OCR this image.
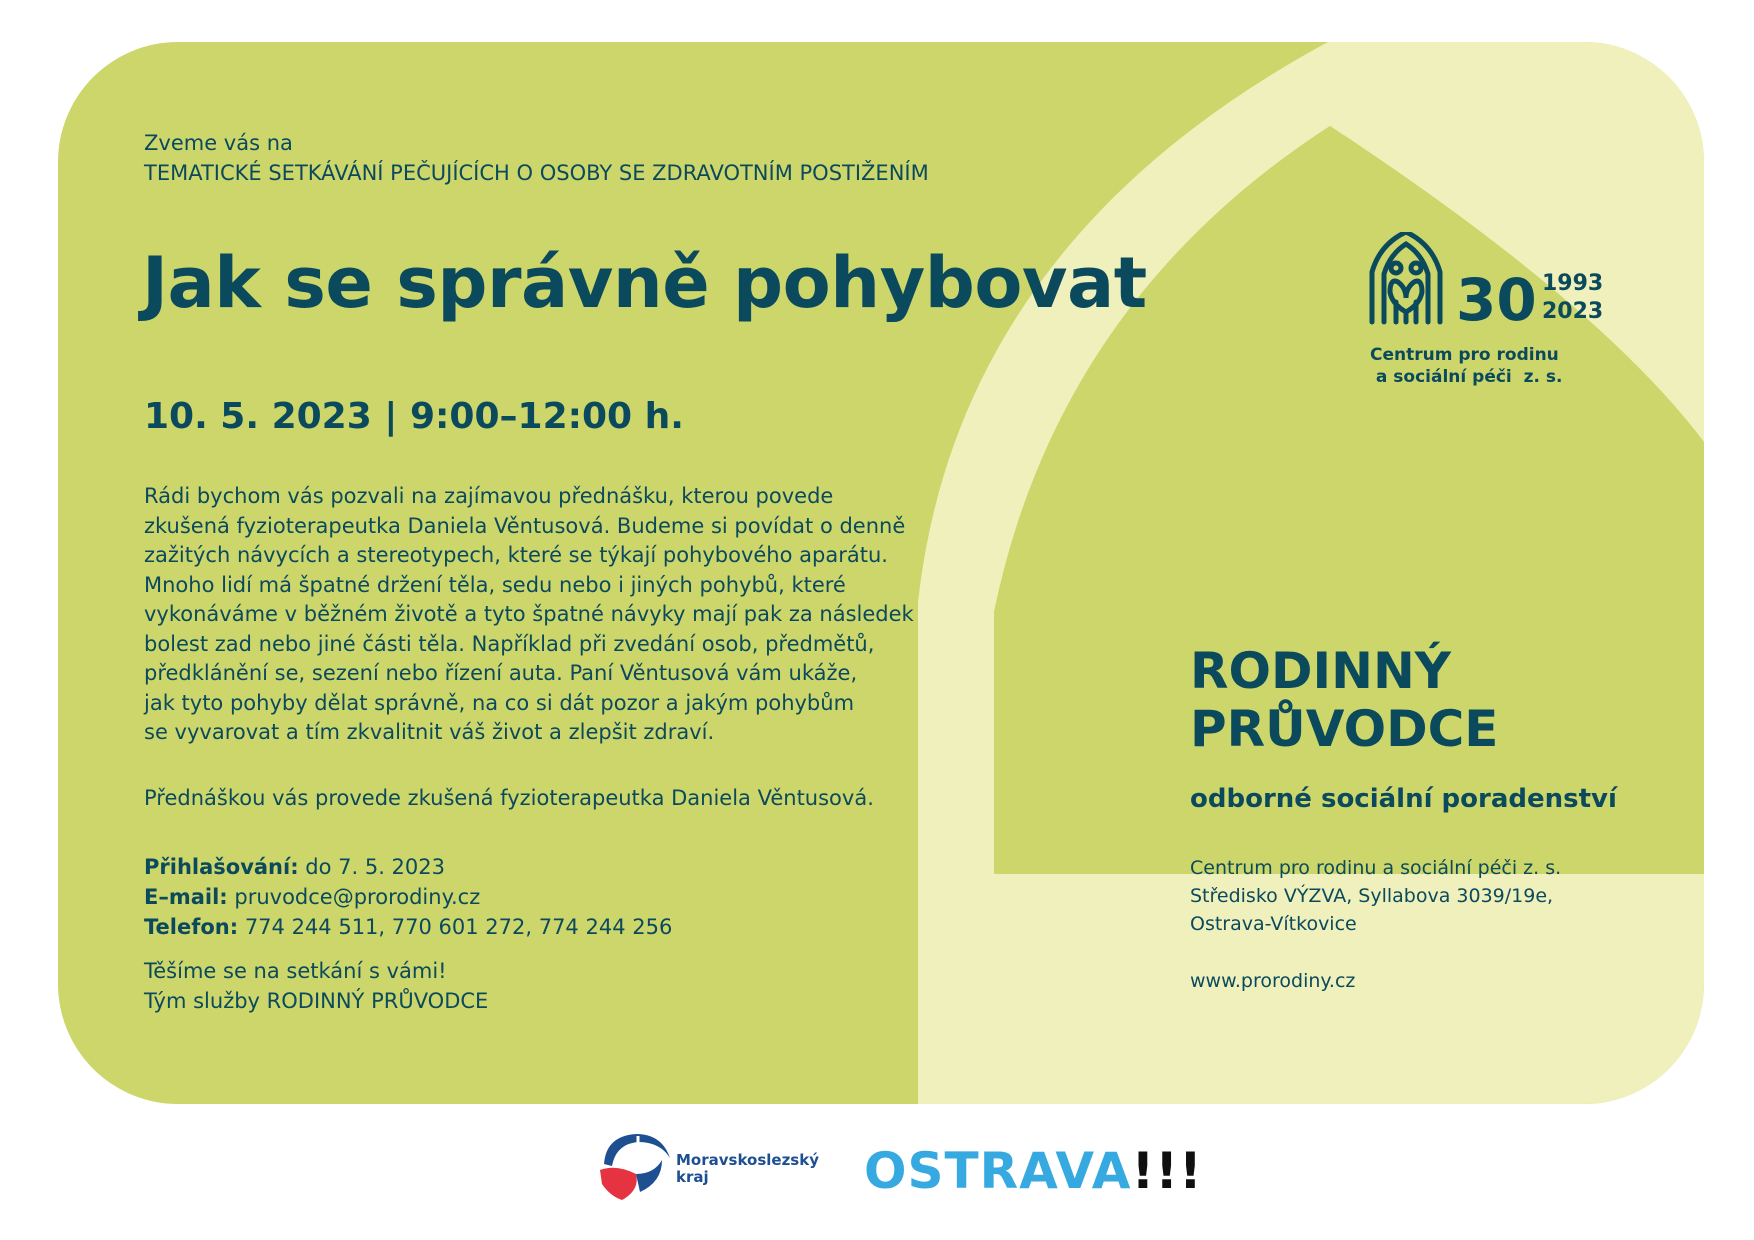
Zveme vás na
TEMATICKÉ SETKÁVÁNÍ PEČUJÍCÍCH O OSOBY SE ZDRAVOTNÍM POSTIŽENÍM
Jak se správně pohybovat
10. 5. 2023 | 9:00–12:00 h.
Rádi bychom vás pozvali na zajímavou přednášku, kterou povede
zkušená fyzioterapeutka Daniela Věntusová. Budeme si povídat o denně
zažitých návycích a stereotypech, které se týkají pohybového aparátu.
Mnoho lidí má špatné držení těla, sedu nebo i jiných pohybů, které
vykonáváme v běžném životě a tyto špatné návyky mají pak za následek
bolest zad nebo jiné části těla. Například při zvedání osob, předmětů,
předklánění se, sezení nebo řízení auta. Paní Věntusová vám ukáže,
jak tyto pohyby dělat správně, na co si dát pozor a jakým pohybům
se vyvarovat a tím zkvalitnit váš život a zlepšit zdraví.
Přednáškou vás provede zkušená fyzioterapeutka Daniela Věntusová.
Přihlašování: do 7. 5. 2023
E–mail: pruvodce@prorodiny.cz
Telefon: 774 244 511, 770 601 272, 774 244 256
Těšíme se na setkání s vámi!
Tým služby RODINNÝ PRŮVODCE
30 1993
2023
Centrum pro rodinu
a sociální péči  z. s.
RODINNÝ
PRŮVODCE
odborné sociální poradenství
Centrum pro rodinu a sociální péči z. s.
Středisko VÝZVA, Syllabova 3039/19e,
Ostrava-Vítkovice
www.prorodiny.cz
Moravskoslezský
kraj	OSTRAVA!!!
